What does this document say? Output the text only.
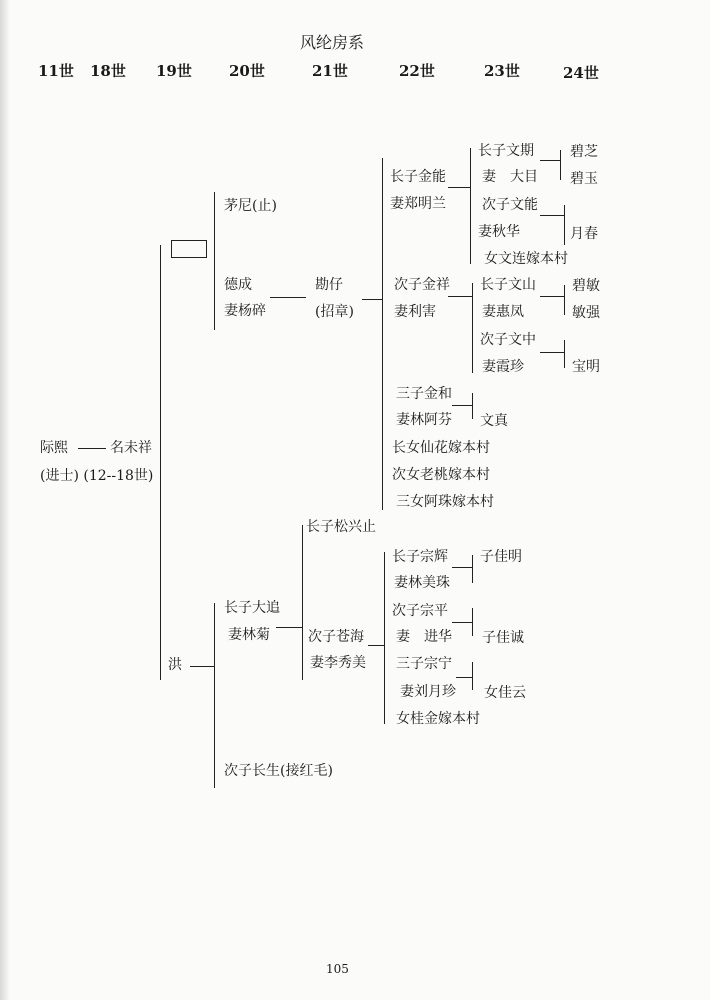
风纶房系
11世 18世 19世 20世	21世	22世	23世	24世
际熙	名未祥
(进士) (12--18世)
洪
茅尼(止)
德成
妻杨碎
勘仔
(招章)
长子金能
妻郑明兰
长子文期
妻　大目
碧芝
碧玉
次子文能
妻秋华	月春
女文连嫁本村
次子金祥
妻利害
长子文山
妻惠凤
碧敏
敏强
次子文中
妻霞珍	宝明
三子金和
妻林阿芬 文真
长女仙花嫁本村
次女老桃嫁本村
三女阿珠嫁本村
长子大追
妻林菊
次子长生(接红毛)
长子松兴止
次子苍海
妻李秀美
长子宗辉
妻林美珠
子佳明
次子宗平
妻　进华 子佳诚
三子宗宁
妻刘月珍 女佳云
女桂金嫁本村
105
